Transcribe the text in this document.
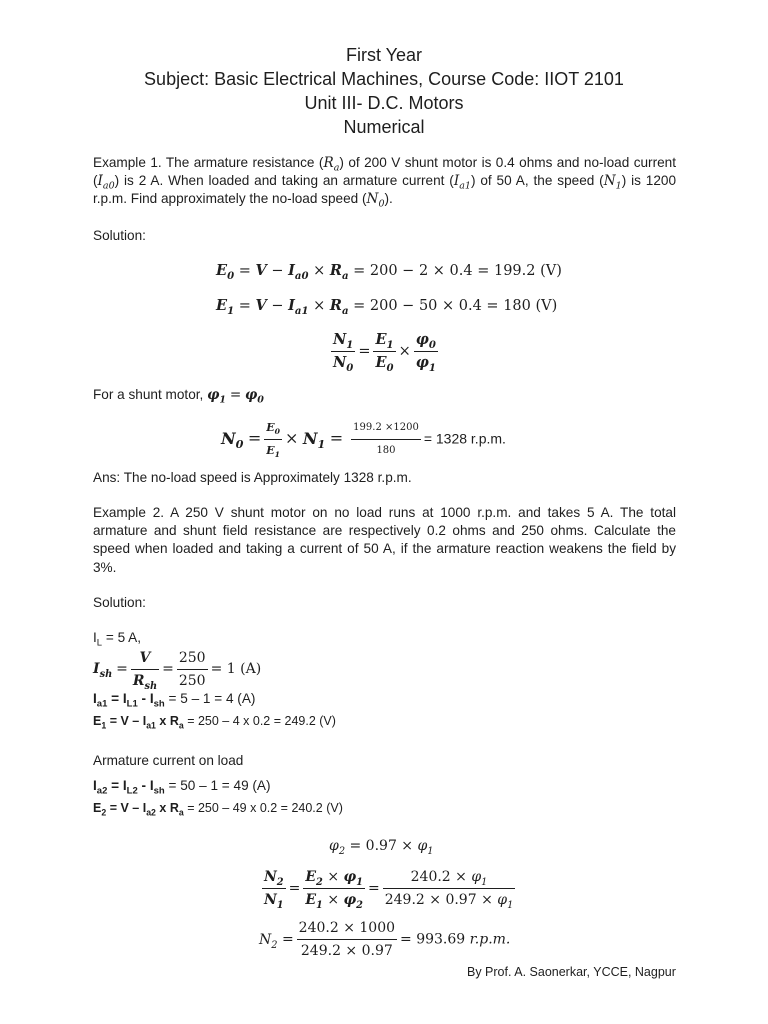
First Year
Subject: Basic Electrical Machines, Course Code: IIOT 2101
Unit III- D.C. Motors
Numerical
Example 1. The armature resistance $(R_a)$ of 200 V shunt motor is 0.4 ohms and no-load current $(I_{a0})$ is 2 A. When loaded and taking an armature current $(I_{a1})$ of 50 A, the speed $(N_1)$ is 1200 r.p.m. Find approximately the no-load speed $(N_0)$.
Solution:
$E_0 = V - I_{a0} \times R_a = 200 - 2 \times 0.4 = 199.2$ (V)
$E_1 = V - I_{a1} \times R_a = 200 - 50 \times 0.4 = 180$ (V)
$\frac{N_1}{N_0} = \frac{E_1}{E_0} \times \frac{\varphi_0}{\varphi_1}$
For a shunt motor, $\varphi_1 = \varphi_0$
$N_0 = \frac{E_0}{E_1} \times N_1 = \frac{199.2 \times 1200}{180} = 1328$ r.p.m.
Ans: The no-load speed is Approximately 1328 r.p.m.
Example 2. A 250 V shunt motor on no load runs at 1000 r.p.m. and takes 5 A. The total armature and shunt field resistance are respectively 0.2 ohms and 250 ohms. Calculate the speed when loaded and taking a current of 50 A, if the armature reaction weakens the field by 3%.
Solution:
$I_L = 5$ A,
$I_{sh} = \frac{V}{R_{sh}} = \frac{250}{250} = 1$ (A)
$I_{a1} = I_{L1} - I_{sh} = 5 - 1 = 4$ (A)
$E_1 = V - I_{a1}$ x $R_a = 250 - 4$ x 0.2 = 249.2 (V)
Armature current on load
$I_{a2} = I_{L2} - I_{sh} = 50 - 1 = 49$ (A)
$E_2 = V - I_{a2}$ x $R_a = 250 - 49$ x 0.2 = 240.2 (V)
$\varphi_2 = 0.97 \times \varphi_1$
$\frac{N_2}{N_1} = \frac{E_2 \times \varphi_1}{E_1 \times \varphi_2} = \frac{240.2 \times \varphi_1}{249.2 \times 0.97 \times \varphi_1}$
$N_2 = \frac{240.2 \times 1000}{249.2 \times 0.97} = 993.69$ r.p.m.
By Prof. A. Saonerkar, YCCE, Nagpur
